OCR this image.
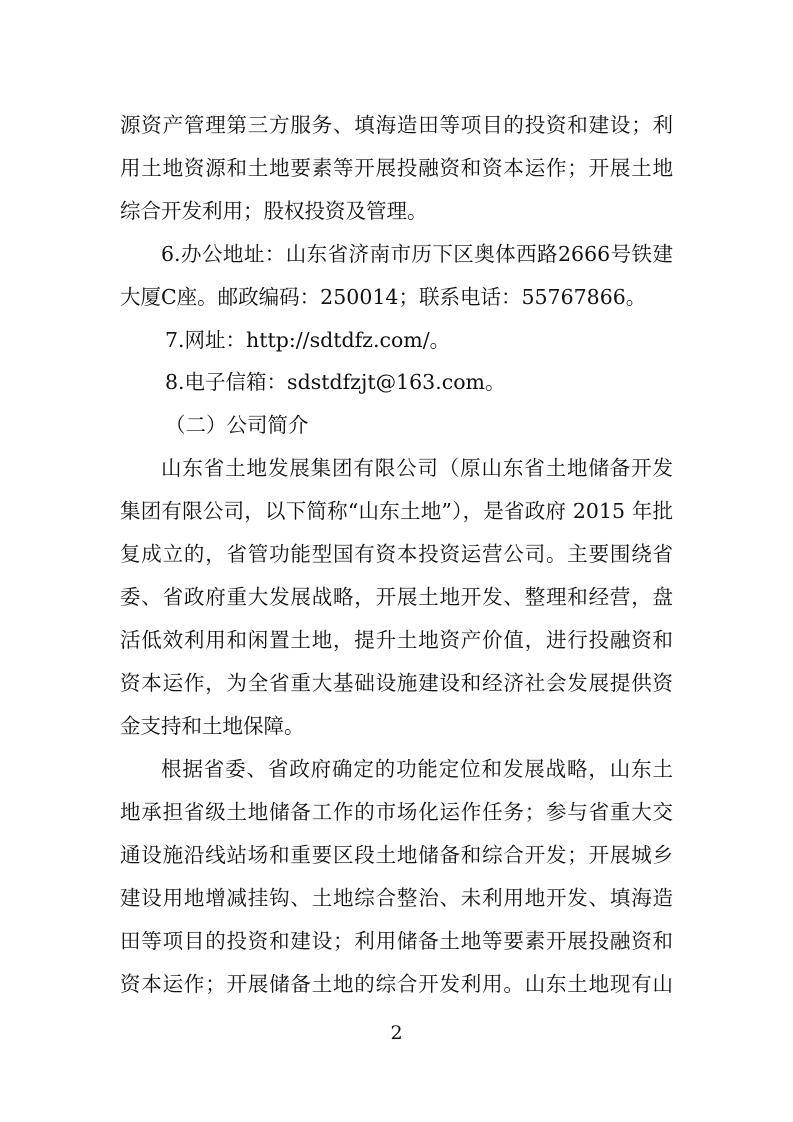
源资产管理第三方服务、填海造田等项目的投资和建设；利
用土地资源和土地要素等开展投融资和资本运作；开展土地
综合开发利用；股权投资及管理。
6.办公地址：山东省济南市历下区奥体西路2666号铁建
大厦C座。邮政编码：250014；联系电话：55767866。
7.网址：http://sdtdfz.com/。
8.电子信箱：sdstdfzjt@163.com。
（二）公司简介
山东省土地发展集团有限公司（原山东省土地储备开发
集团有限公司，以下简称“山东土地”），是省政府 2015 年批
复成立的，省管功能型国有资本投资运营公司。主要围绕省
委、省政府重大发展战略，开展土地开发、整理和经营，盘
活低效利用和闲置土地，提升土地资产价值，进行投融资和
资本运作，为全省重大基础设施建设和经济社会发展提供资
金支持和土地保障。
根据省委、省政府确定的功能定位和发展战略，山东土
地承担省级土地储备工作的市场化运作任务；参与省重大交
通设施沿线站场和重要区段土地储备和综合开发；开展城乡
建设用地增减挂钩、土地综合整治、未利用地开发、填海造
田等项目的投资和建设；利用储备土地等要素开展投融资和
资本运作；开展储备土地的综合开发利用。山东土地现有山
2
